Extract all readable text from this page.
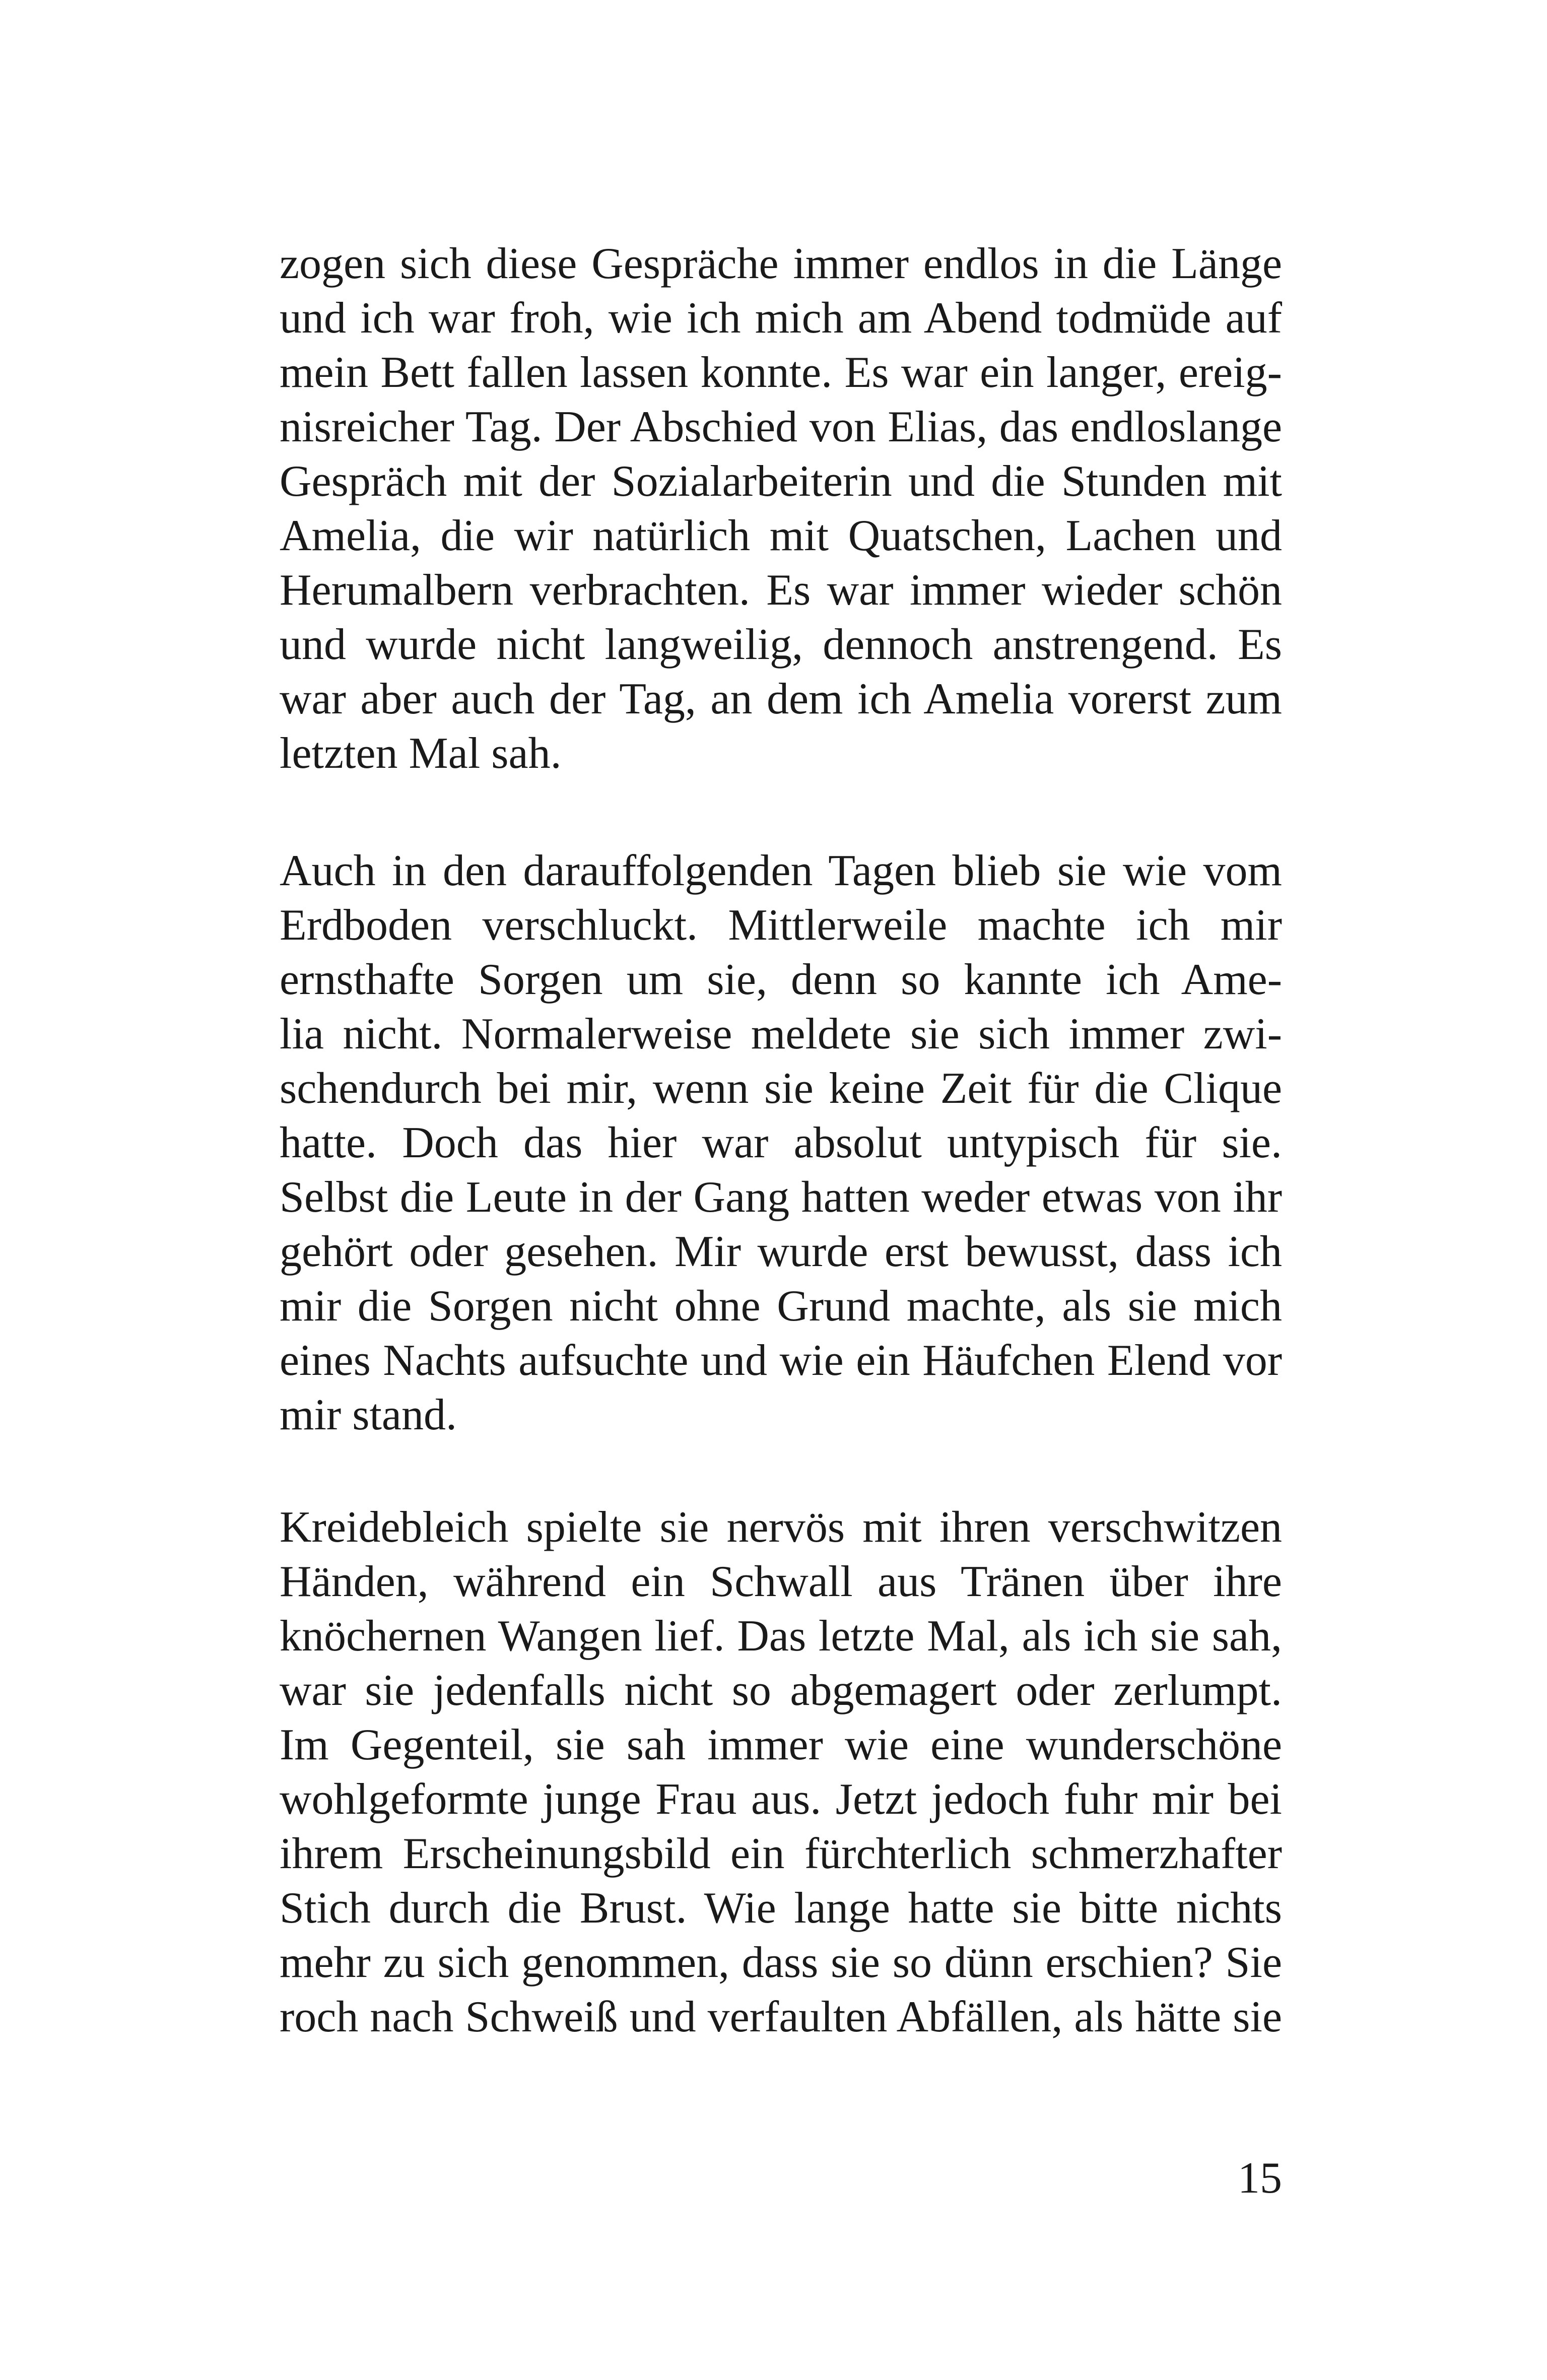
zogen sich diese Gespräche immer endlos in die Länge
und ich war froh, wie ich mich am Abend todmüde auf
mein Bett fallen lassen konnte. Es war ein langer, ereig-
nisreicher Tag. Der Abschied von Elias, das endloslange
Gespräch mit der Sozialarbeiterin und die Stunden mit
Amelia, die wir natürlich mit Quatschen, Lachen und
Herumalbern verbrachten. Es war immer wieder schön
und wurde nicht langweilig, dennoch anstrengend. Es
war aber auch der Tag, an dem ich Amelia vorerst zum
letzten Mal sah.
Auch in den darauffolgenden Tagen blieb sie wie vom
Erdboden verschluckt. Mittlerweile machte ich mir
ernsthafte Sorgen um sie, denn so kannte ich Ame-
lia nicht. Normalerweise meldete sie sich immer zwi-
schendurch bei mir, wenn sie keine Zeit für die Clique
hatte. Doch das hier war absolut untypisch für sie.
Selbst die Leute in der Gang hatten weder etwas von ihr
gehört oder gesehen. Mir wurde erst bewusst, dass ich
mir die Sorgen nicht ohne Grund machte, als sie mich
eines Nachts aufsuchte und wie ein Häufchen Elend vor
mir stand.
Kreidebleich spielte sie nervös mit ihren verschwitzen
Händen, während ein Schwall aus Tränen über ihre
knöchernen Wangen lief. Das letzte Mal, als ich sie sah,
war sie jedenfalls nicht so abgemagert oder zerlumpt.
Im Gegenteil, sie sah immer wie eine wunderschöne
wohlgeformte junge Frau aus. Jetzt jedoch fuhr mir bei
ihrem Erscheinungsbild ein fürchterlich schmerzhafter
Stich durch die Brust. Wie lange hatte sie bitte nichts
mehr zu sich genommen, dass sie so dünn erschien? Sie
roch nach Schweiß und verfaulten Abfällen, als hätte sie
15
